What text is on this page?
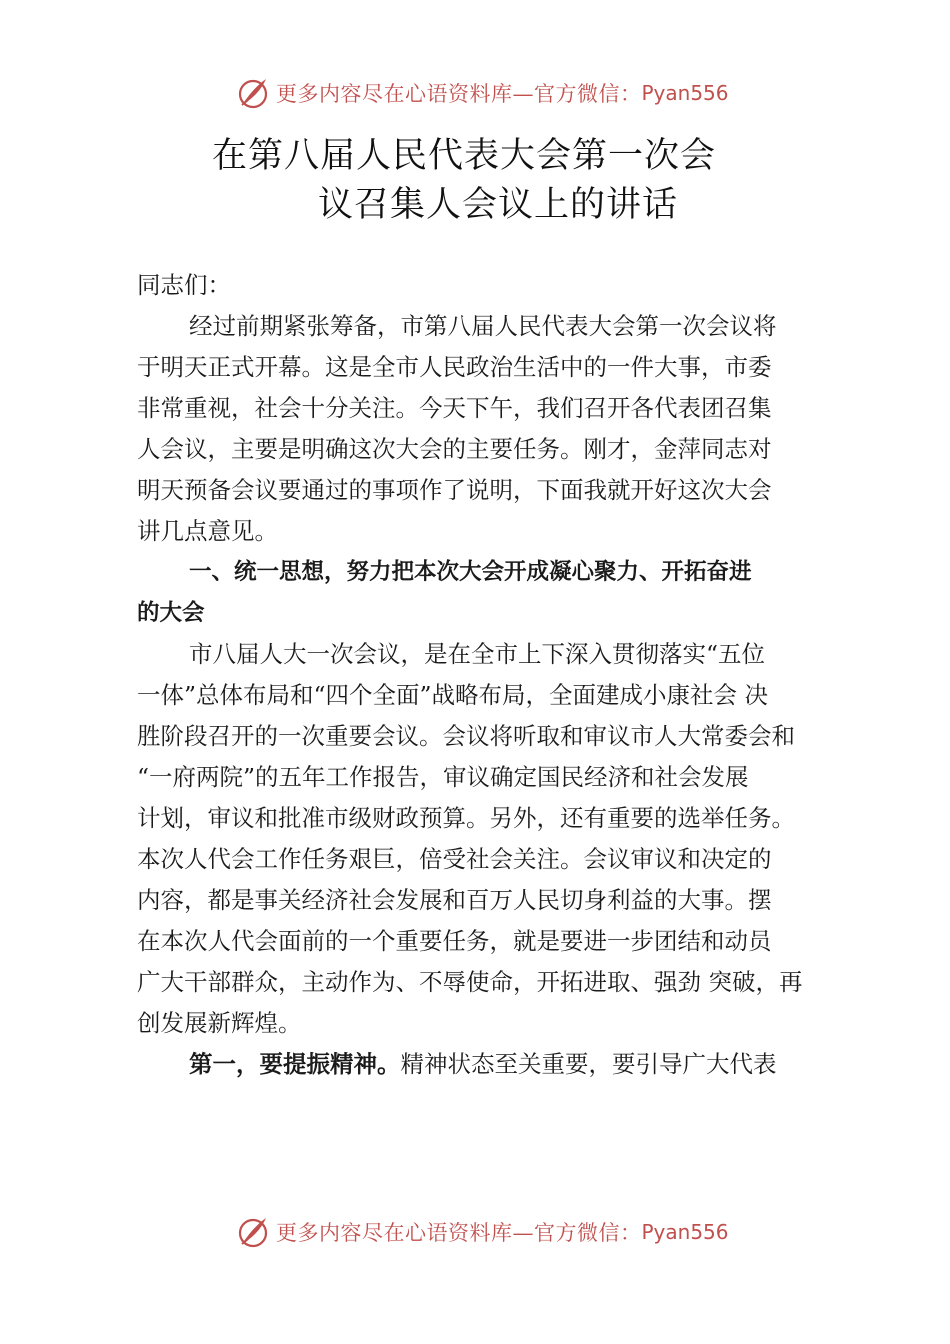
更多内容尽在心语资料库—官方微信： Pyan556
在第八届人民代表大会第一次会
议召集人会议上的讲话
同志们：
经过前期紧张筹备，市第八届人民代表大会第一次会议将
于明天正式开幕。这是全市人民政治生活中的一件大事，市委
非常重视，社会十分关注。今天下午，我们召开各代表团召集
人会议，主要是明确这次大会的主要任务。刚才，金萍同志对
明天预备会议要通过的事项作了说明，下面我就开好这次大会
讲几点意见。
一、统一思想，努力把本次大会开成凝心聚力、开拓奋进
的大会
市八届人大一次会议，是在全市上下深入贯彻落实“五位
一体”总体布局和“四个全面”战略布局，全面建成小康社会 决
胜阶段召开的一次重要会议。会议将听取和审议市人大常委会和
“一府两院”的五年工作报告，审议确定国民经济和社会发展
计划，审议和批准市级财政预算。另外，还有重要的选举任务。
本次人代会工作任务艰巨，倍受社会关注。会议审议和决定的
内容，都是事关经济社会发展和百万人民切身利益的大事。摆
在本次人代会面前的一个重要任务，就是要进一步团结和动员
广大干部群众，主动作为、不辱使命，开拓进取、强劲 突破，再
创发展新辉煌。
第一，要提振精神。精神状态至关重要，要引导广大代表
更多内容尽在心语资料库—官方微信： Pyan556
